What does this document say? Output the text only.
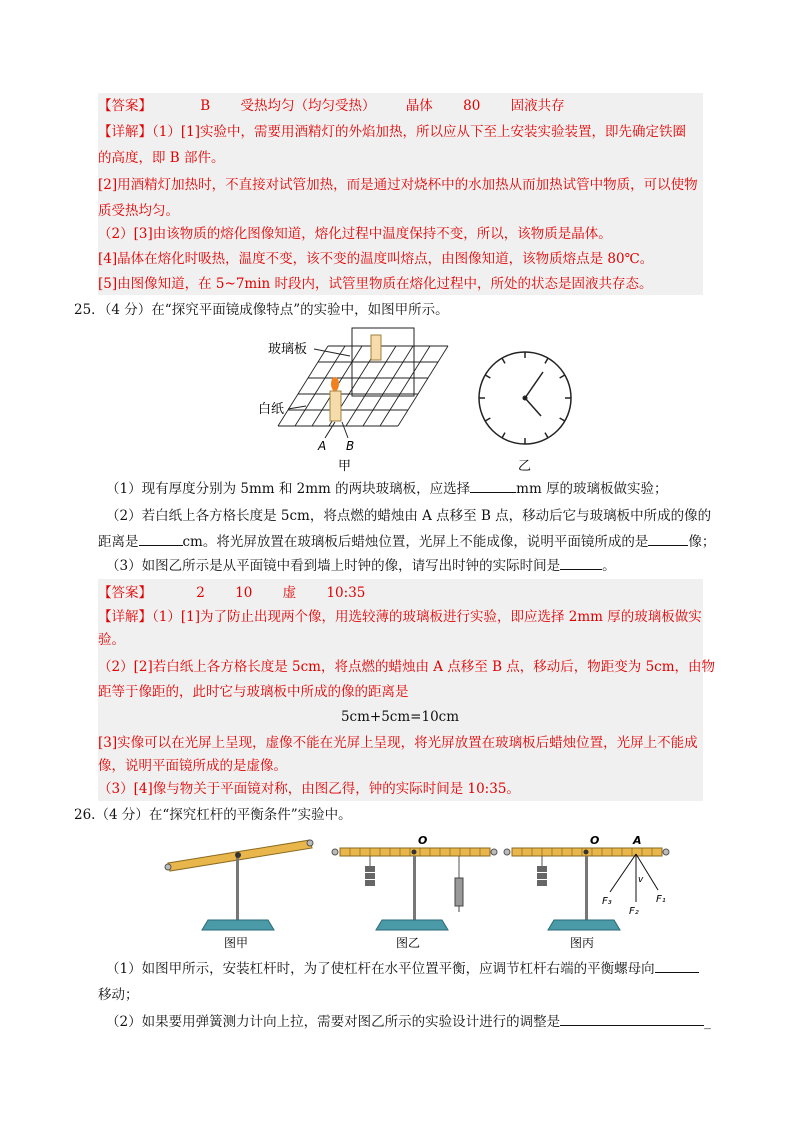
【答案】	B 受热均匀（均匀受热） 晶体 80 固液共存
【详解】（1）[1]实验中，需要用酒精灯的外焰加热，所以应从下至上安装实验装置，即先确定铁圈
的高度，即 B 部件。
[2]用酒精灯加热时，不直接对试管加热，而是通过对烧杯中的水加热从而加热试管中物质，可以使物
质受热均匀。
（2）[3]由该物质的熔化图像知道，熔化过程中温度保持不变，所以，该物质是晶体。
[4]晶体在熔化时吸热，温度不变，该不变的温度叫熔点，由图像知道，该物质熔点是 80℃。
[5]由图像知道，在 5~7min 时段内，试管里物质在熔化过程中，所处的状态是固液共存态。
25．（4 分）在“探究平面镜成像特点”的实验中，如图甲所示。
A B
玻璃板
白纸
甲	乙
（1）现有厚度分别为 5mm 和 2mm 的两块玻璃板，应选择	mm 厚的玻璃板做实验；
（2）若白纸上各方格长度是 5cm，将点燃的蜡烛由 A 点移至 B 点，移动后它与玻璃板中所成的像的
距离是	cm。将光屏放置在玻璃板后蜡烛位置，光屏上不能成像，说明平面镜所成的是	像；
（3）如图乙所示是从平面镜中看到墙上时钟的像，请写出时钟的实际时间是	。
【答案】	2 10 虚 10:35
【详解】（1）[1]为了防止出现两个像，用选较薄的玻璃板进行实验，即应选择 2mm 厚的玻璃板做实
验。
（2）[2]若白纸上各方格长度是 5cm，将点燃的蜡烛由 A 点移至 B 点，移动后，物距变为 5cm，由物
距等于像距的，此时它与玻璃板中所成的像的距离是
5cm+5cm=10cm
[3]实像可以在光屏上呈现，虚像不能在光屏上呈现，将光屏放置在玻璃板后蜡烛位置，光屏上不能成
像，说明平面镜所成的是虚像。
（3）[4]像与物关于平面镜对称，由图乙得，钟的实际时间是 10:35。
26.（4 分）在“探究杠杆的平衡条件”实验中。
图甲
O
图乙
O	A
F₃
F₂
F₁
v
图丙
（1）如图甲所示，安装杠杆时，为了使杠杆在水平位置平衡，应调节杠杆右端的平衡螺母向
移动；
（2）如果要用弹簧测力计向上拉，需要对图乙所示的实验设计进行的调整是	_
